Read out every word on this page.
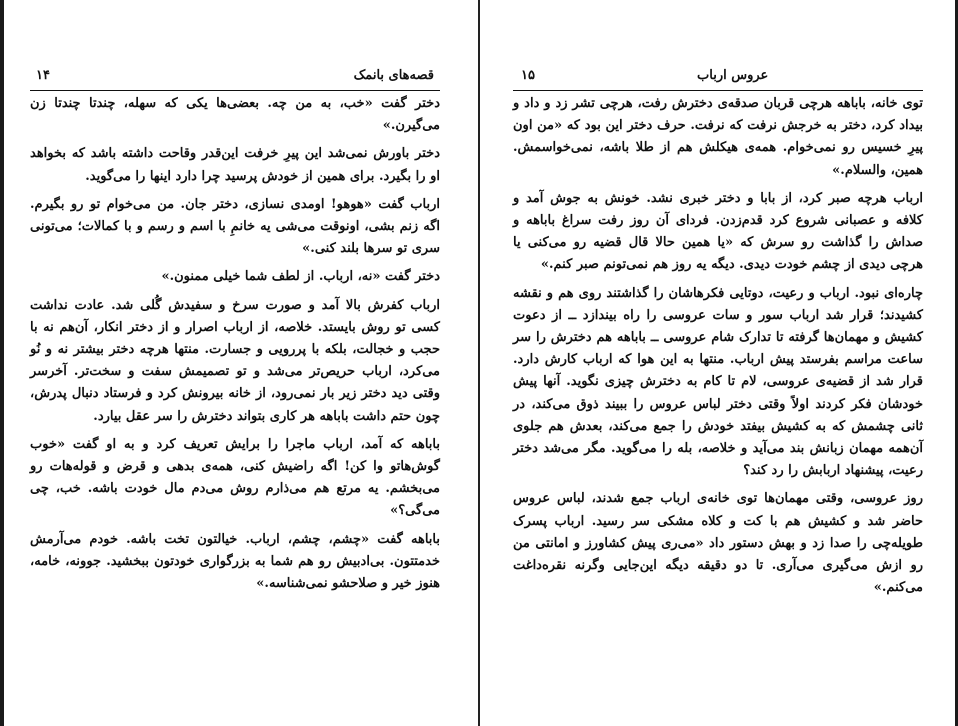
۱۴	قصه‌های بانمک

دختر گفت «خب، به من چه. بعضی‌ها یکی که سهله، چندتا چندتا زن می‌گیرن.»

دختر باورش نمی‌شد این پیرِ خرفت این‌قدر وقاحت داشته باشد که بخواهد او را بگیرد. برای همین از خودش پرسید چرا دارد اینها را می‌گوید.

ارباب گفت «هوهو! اومدی نسازی، دختر جان. من می‌خوام تو رو بگیرم. اگه زنم بشی، اونوقت می‌شی یه خانمِ با اسم و رسم و با کمالات؛ می‌تونی سری تو سرها بلند کنی.»

دختر گفت «نه، ارباب. از لطف شما خیلی ممنون.»

ارباب کفرش بالا آمد و صورت سرخ و سفیدش گُلی شد. عادت نداشت کسی تو روش بایستد. خلاصه، از ارباب اصرار و از دختر انکار، آن‌هم نه با حجب و خجالت، بلکه با پررویی و جسارت. منتها هرچه دختر بیشتر نه و نُو می‌کرد، ارباب حریص‌تر می‌شد و تو تصمیمش سفت و سخت‌تر. آخرسر وقتی دید دختر زیر بار نمی‌رود، از خانه بیرونش کرد و فرستاد دنبال پدرش، چون حتم داشت باباهه هر کاری بتواند دخترش را سر عقل بیارد.

باباهه که آمد، ارباب ماجرا را برایش تعریف کرد و به او گفت «خوب گوش‌هاتو وا کن! اگه راضیش کنی، همه‌ی بدهی و قرض و قوله‌هات رو می‌بخشم. یه مرتع هم می‌ذارم روش می‌دم مال خودت باشه. خب، چی می‌گی؟»

باباهه گفت «چشم، چشم، ارباب. خیالتون تخت باشه. خودم می‌آرمش خدمتتون. بی‌ادبیش رو هم شما به بزرگواری خودتون ببخشید. جوونه، خامه، هنوز خیر و صلاحشو نمی‌شناسه.»

۱۵	عروس ارباب

توی خانه، باباهه هرچی قربان صدقه‌ی دخترش رفت، هرچی تشر زد و داد و بیداد کرد، دختر به خرجش نرفت که نرفت. حرف دختر این بود که «من اون پیرِ خسیس رو نمی‌خوام. همه‌ی هیکلش هم از طلا باشه، نمی‌خواسمش. همین، والسلام.»

ارباب هرچه صبر کرد، از بابا و دختر خبری نشد. خونش به جوش آمد و کلافه و عصبانی شروع کرد قدم‌زدن. فردای آن روز رفت سراغ باباهه و صداش را گذاشت رو سرش که «یا همین حالا قال قضیه رو می‌کنی یا هرچی دیدی از چشم خودت دیدی. دیگه یه روز هم نمی‌تونم صبر کنم.»

چاره‌ای نبود. ارباب و رعیت، دوتایی فکرهاشان را گذاشتند روی هم و نقشه کشیدند؛ قرار شد ارباب سور و سات عروسی را راه بیندازد ــ از دعوت کشیش و مهمان‌ها گرفته تا تدارک شام عروسی ــ باباهه هم دخترش را سر ساعت مراسم بفرستد پیش ارباب. منتها به این هوا که ارباب کارش دارد. قرار شد از قضیه‌ی عروسی، لام تا کام به دخترش چیزی نگوید. آنها پیش خودشان فکر کردند اولاً وقتی دختر لباس عروس را ببیند ذوق می‌کند، در ثانی چشمش که به کشیش بیفتد خودش را جمع می‌کند، بعدش هم جلوی آن‌همه مهمان زبانش بند می‌آید و خلاصه، بله را می‌گوید. مگر می‌شد دختر رعیت، پیشنهاد اربابش را رد کند؟

روز عروسی، وقتی مهمان‌ها توی خانه‌ی ارباب جمع شدند، لباس عروس حاضر شد و کشیش هم با کت و کلاه مشکی سر رسید. ارباب پسرک طویله‌چی را صدا زد و بهش دستور داد «می‌ری پیش کشاورز و امانتی من رو ازش می‌گیری می‌آری. تا دو دقیقه دیگه این‌جایی وگرنه نقره‌داغت می‌کنم.»
